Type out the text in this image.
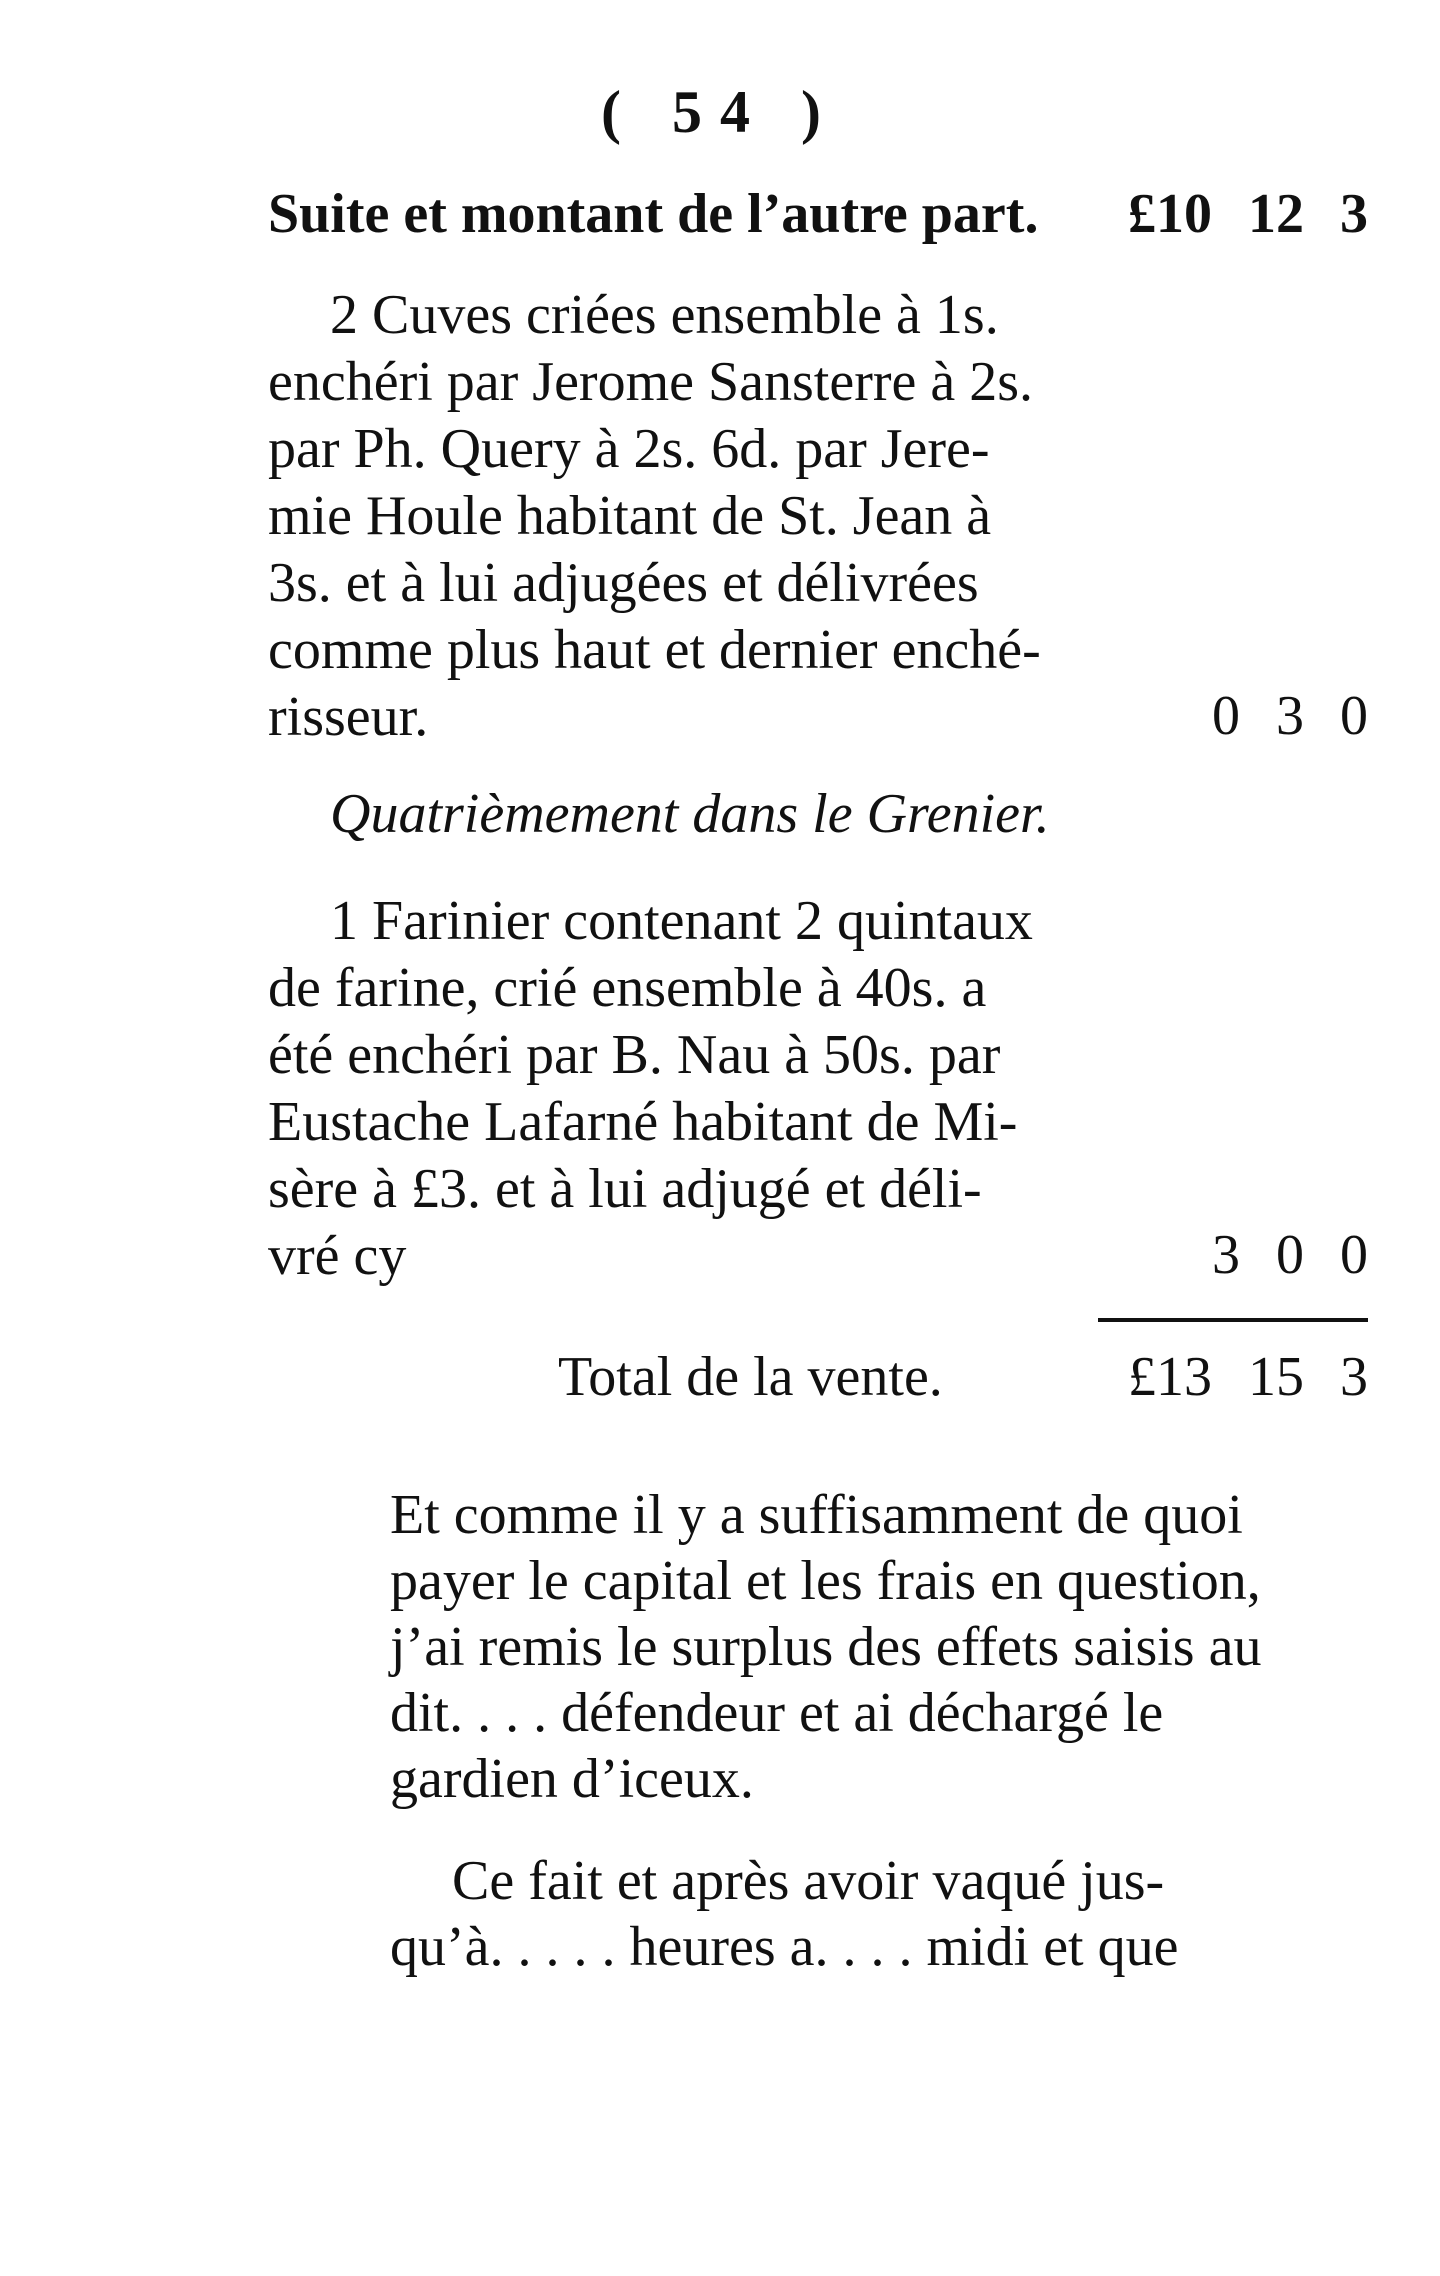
( 54 )
Suite et montant de l’autre part. £10 12 3
2 Cuves criées ensemble à 1s.
enchéri par Jerome Sansterre à 2s.
par Ph. Query à 2s. 6d. par Jere-
mie Houle habitant de St. Jean à
3s. et à lui adjugées et délivrées
comme plus haut et dernier enché-
risseur.	0 3 0
Quatrièmement dans le Grenier.
1 Farinier contenant 2 quintaux
de farine, crié ensemble à 40s. a
été enchéri par B. Nau à 50s. par
Eustache Lafarné habitant de Mi-
sère à £3. et à lui adjugé et déli-
vré cy	3 0 0
Total de la vente.	£13 15 3
Et comme il y a suffisamment de quoi
payer le capital et les frais en question,
j’ai remis le surplus des effets saisis au
dit. . . . défendeur et ai déchargé le
gardien d’iceux.
Ce fait et après avoir vaqué jus-
qu’à. . . . . heures a. . . . midi et que
